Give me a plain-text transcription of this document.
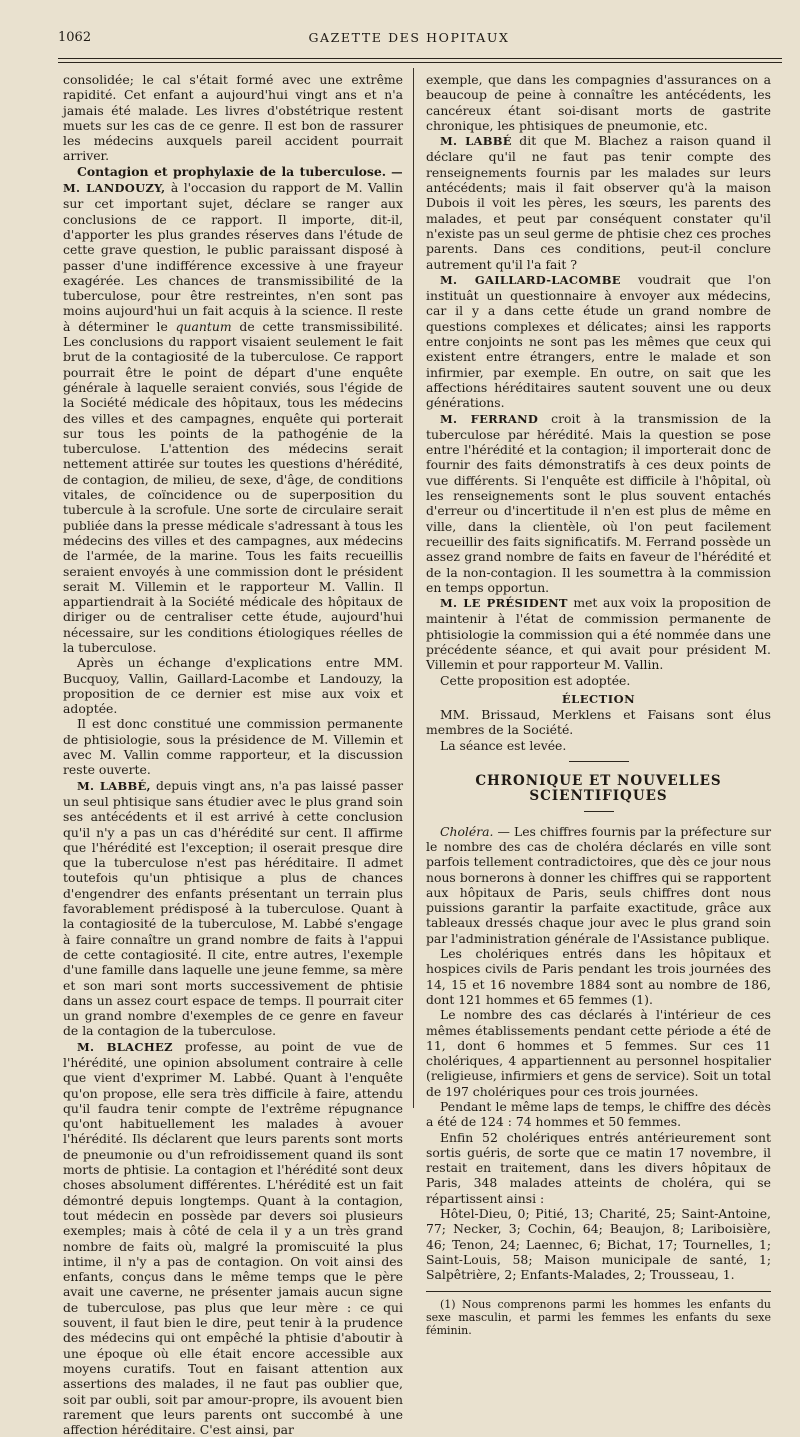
1062	GAZETTE DES HOPITAUX

consolidée; le cal s'était formé avec une extrême rapidité. Cet enfant a aujourd'hui vingt ans et n'a jamais été malade. Les livres d'obstétrique restent muets sur les cas de ce genre. Il est bon de rassurer les médecins auxquels pareil accident pourrait arriver.

Contagion et prophylaxie de la tuberculose. — M. LANDOUZY, à l'occasion du rapport de M. Vallin sur cet important sujet, déclare se ranger aux conclusions de ce rapport. Il importe, dit-il, d'apporter les plus grandes réserves dans l'étude de cette grave question, le public paraissant disposé à passer d'une indifférence excessive à une frayeur exagérée. Les chances de transmissibilité de la tuberculose, pour être restreintes, n'en sont pas moins aujourd'hui un fait acquis à la science. Il reste à déterminer le quantum de cette transmissibilité. Les conclusions du rapport visaient seulement le fait brut de la contagiosité de la tuberculose. Ce rapport pourrait être le point de départ d'une enquête générale à laquelle seraient conviés, sous l'égide de la Société médicale des hôpitaux, tous les médecins des villes et des campagnes, enquête qui porterait sur tous les points de la pathogénie de la tuberculose. L'attention des médecins serait nettement attirée sur toutes les questions d'hérédité, de contagion, de milieu, de sexe, d'âge, de conditions vitales, de coïncidence ou de superposition du tubercule à la scrofule. Une sorte de circulaire serait publiée dans la presse médicale s'adressant à tous les médecins des villes et des campagnes, aux médecins de l'armée, de la marine. Tous les faits recueillis seraient envoyés à une commission dont le président serait M. Villemin et le rapporteur M. Vallin. Il appartiendrait à la Société médicale des hôpitaux de diriger ou de centraliser cette étude, aujourd'hui nécessaire, sur les conditions étiologiques réelles de la tuberculose.

Après un échange d'explications entre MM. Bucquoy, Vallin, Gaillard-Lacombe et Landouzy, la proposition de ce dernier est mise aux voix et adoptée.

Il est donc constitué une commission permanente de phtisiologie, sous la présidence de M. Villemin et avec M. Vallin comme rapporteur, et la discussion reste ouverte.

M. LABBÉ, depuis vingt ans, n'a pas laissé passer un seul phtisique sans étudier avec le plus grand soin ses antécédents et il est arrivé à cette conclusion qu'il n'y a pas un cas d'hérédité sur cent. Il affirme que l'hérédité est l'exception; il oserait presque dire que la tuberculose n'est pas héréditaire. Il admet toutefois qu'un phtisique a plus de chances d'engendrer des enfants présentant un terrain plus favorablement prédisposé à la tuberculose. Quant à la contagiosité de la tuberculose, M. Labbé s'engage à faire connaître un grand nombre de faits à l'appui de cette contagiosité. Il cite, entre autres, l'exemple d'une famille dans laquelle une jeune femme, sa mère et son mari sont morts successivement de phtisie dans un assez court espace de temps. Il pourrait citer un grand nombre d'exemples de ce genre en faveur de la contagion de la tuberculose.

M. BLACHEZ professe, au point de vue de l'hérédité, une opinion absolument contraire à celle que vient d'exprimer M. Labbé. Quant à l'enquête qu'on propose, elle sera très difficile à faire, attendu qu'il faudra tenir compte de l'extrême répugnance qu'ont habituellement les malades à avouer l'hérédité. Ils déclarent que leurs parents sont morts de pneumonie ou d'un refroidissement quand ils sont morts de phtisie. La contagion et l'hérédité sont deux choses absolument différentes. L'hérédité est un fait démontré depuis longtemps. Quant à la contagion, tout médecin en possède par devers soi plusieurs exemples; mais à côté de cela il y a un très grand nombre de faits où, malgré la promiscuité la plus intime, il n'y a pas de contagion. On voit ainsi des enfants, conçus dans le même temps que le père avait une caverne, ne présenter jamais aucun signe de tuberculose, pas plus que leur mère : ce qui souvent, il faut bien le dire, peut tenir à la prudence des médecins qui ont empêché la phtisie d'aboutir à une époque où elle était encore accessible aux moyens curatifs. Tout en faisant attention aux assertions des malades, il ne faut pas oublier que, soit par oubli, soit par amour-propre, ils avouent bien rarement que leurs parents ont succombé à une affection héréditaire. C'est ainsi, par

exemple, que dans les compagnies d'assurances on a beaucoup de peine à connaître les antécédents, les cancéreux étant soi-disant morts de gastrite chronique, les phtisiques de pneumonie, etc.

M. LABBÉ dit que M. Blachez a raison quand il déclare qu'il ne faut pas tenir compte des renseignements fournis par les malades sur leurs antécédents; mais il fait observer qu'à la maison Dubois il voit les pères, les sœurs, les parents des malades, et peut par conséquent constater qu'il n'existe pas un seul germe de phtisie chez ces proches parents. Dans ces conditions, peut-il conclure autrement qu'il l'a fait ?

M. GAILLARD-LACOMBE voudrait que l'on instituât un questionnaire à envoyer aux médecins, car il y a dans cette étude un grand nombre de questions complexes et délicates; ainsi les rapports entre conjoints ne sont pas les mêmes que ceux qui existent entre étrangers, entre le malade et son infirmier, par exemple. En outre, on sait que les affections héréditaires sautent souvent une ou deux générations.

M. FERRAND croit à la transmission de la tuberculose par hérédité. Mais la question se pose entre l'hérédité et la contagion; il importerait donc de fournir des faits démonstratifs à ces deux points de vue différents. Si l'enquête est difficile à l'hôpital, où les renseignements sont le plus souvent entachés d'erreur ou d'incertitude il n'en est plus de même en ville, dans la clientèle, où l'on peut facilement recueillir des faits significatifs. M. Ferrand possède un assez grand nombre de faits en faveur de l'hérédité et de la non-contagion. Il les soumettra à la commission en temps opportun.

M. LE PRÉSIDENT met aux voix la proposition de maintenir à l'état de commission permanente de phtisiologie la commission qui a été nommée dans une précédente séance, et qui avait pour président M. Villemin et pour rapporteur M. Vallin.

Cette proposition est adoptée.

ÉLECTION

MM. Brissaud, Merklens et Faisans sont élus membres de la Société.

La séance est levée.

CHRONIQUE ET NOUVELLES SCIENTIFIQUES

Choléra. — Les chiffres fournis par la préfecture sur le nombre des cas de choléra déclarés en ville sont parfois tellement contradictoires, que dès ce jour nous nous bornerons à donner les chiffres qui se rapportent aux hôpitaux de Paris, seuls chiffres dont nous puissions garantir la parfaite exactitude, grâce aux tableaux dressés chaque jour avec le plus grand soin par l'administration générale de l'Assistance publique.

Les cholériques entrés dans les hôpitaux et hospices civils de Paris pendant les trois journées des 14, 15 et 16 novembre 1884 sont au nombre de 186, dont 121 hommes et 65 femmes (1).

Le nombre des cas déclarés à l'intérieur de ces mêmes établissements pendant cette période a été de 11, dont 6 hommes et 5 femmes. Sur ces 11 cholériques, 4 appartiennent au personnel hospitalier (religieuse, infirmiers et gens de service). Soit un total de 197 cholériques pour ces trois journées.

Pendant le même laps de temps, le chiffre des décès a été de 124 : 74 hommes et 50 femmes.

Enfin 52 cholériques entrés antérieurement sont sortis guéris, de sorte que ce matin 17 novembre, il restait en traitement, dans les divers hôpitaux de Paris, 348 malades atteints de choléra, qui se répartissent ainsi :

Hôtel-Dieu, 0; Pitié, 13; Charité, 25; Saint-Antoine, 77; Necker, 3; Cochin, 64; Beaujon, 8; Lariboisière, 46; Tenon, 24; Laennec, 6; Bichat, 17; Tournelles, 1; Saint-Louis, 58; Maison municipale de santé, 1; Salpêtrière, 2; Enfants-Malades, 2; Trousseau, 1.

(1) Nous comprenons parmi les hommes les enfants du sexe masculin, et parmi les femmes les enfants du sexe féminin.
